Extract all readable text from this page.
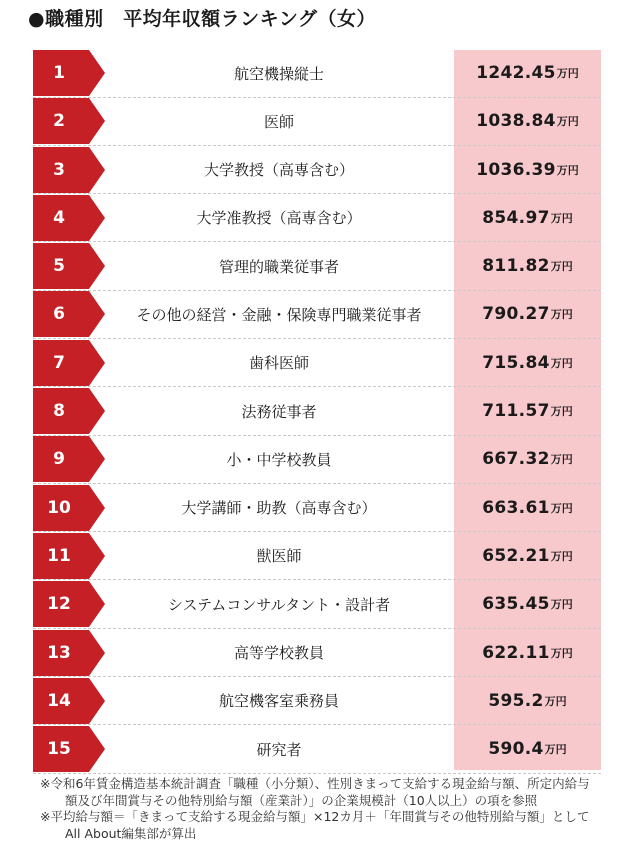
●職種別　平均年収額ランキング（女）
1	航空機操縦士	1242.45 万円
2	医師	1038.84 万円
3	大学教授（高専含む）	1036.39 万円
4	大学准教授（高専含む）	854.97 万円
5	管理的職業従事者	811.82 万円
6	その他の経営・金融・保険専門職業従事者	790.27 万円
7	歯科医師	715.84 万円
8	法務従事者	711.57 万円
9	小・中学校教員	667.32 万円
10	大学講師・助教（高専含む）	663.61 万円
11	獣医師	652.21 万円
12	システムコンサルタント・設計者	635.45 万円
13	高等学校教員	622.11 万円
14	航空機客室乗務員	595.2 万円
15	研究者	590.4 万円
※令和6年賃金構造基本統計調査「職種（小分類）、性別きまって支給する現金給与額、所定内給与
額及び年間賞与その他特別給与額（産業計）」の企業規模計（10人以上）の項を参照
※平均給与額＝「きまって支給する現金給与額」×12カ月＋「年間賞与その他特別給与額」として
All About編集部が算出
